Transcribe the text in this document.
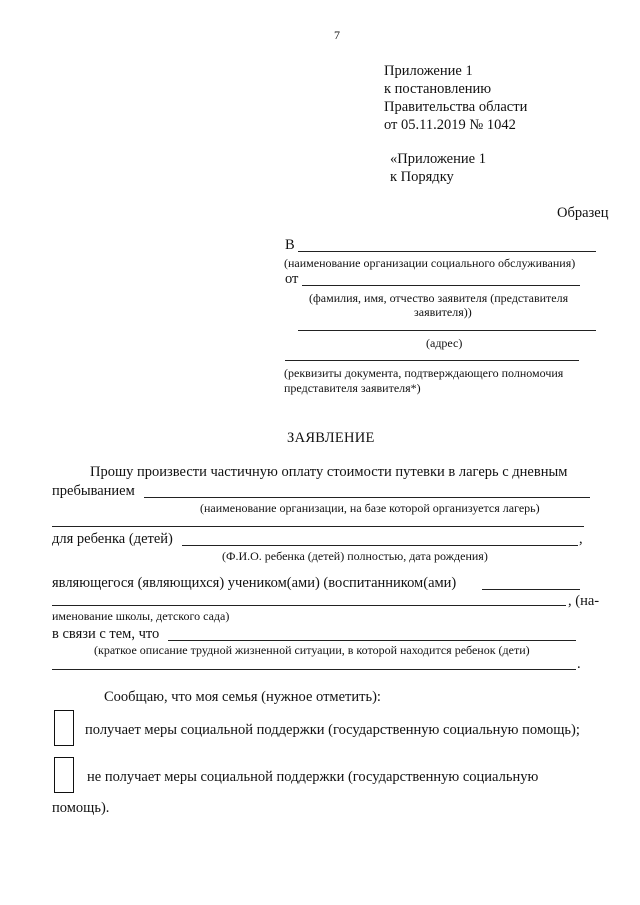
7
Приложение 1
к постановлению
Правительства области
от 05.11.2019 № 1042
«Приложение 1
к Порядку
Образец
В
(наименование организации социального обслуживания)
от
(фамилия, имя, отчество заявителя (представителя
заявителя))
(адрес)
(реквизиты документа, подтверждающего полномочия
представителя заявителя*)
ЗАЯВЛЕНИЕ
Прошу произвести частичную оплату стоимости путевки в лагерь с дневным
пребыванием
(наименование организации, на базе которой организуется лагерь)
для ребенка (детей)	,
(Ф.И.О. ребенка (детей) полностью, дата рождения)
являющегося (являющихся) учеником(ами) (воспитанником(ами)
, (на-
именование школы, детского сада)
в связи с тем, что
(краткое описание трудной жизненной ситуации, в которой находится ребенок (дети)
.
Сообщаю, что моя семья (нужное отметить):
получает меры социальной поддержки (государственную социальную помощь);
не получает меры социальной поддержки (государственную социальную
помощь).
